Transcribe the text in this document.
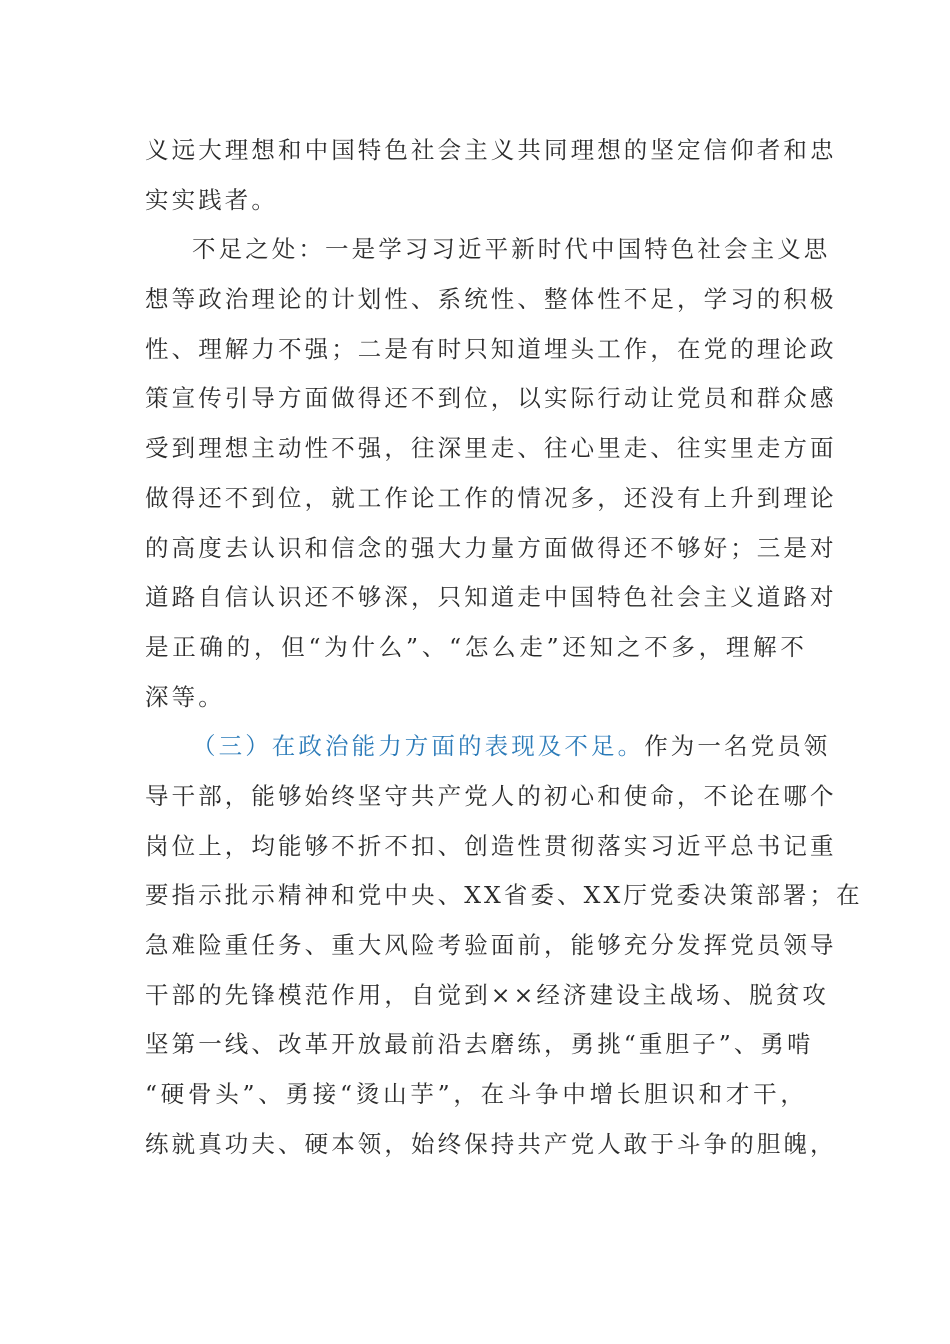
义远大理想和中国特色社会主义共同理想的坚定信仰者和忠
实实践者。

不足之处：一是学习习近平新时代中国特色社会主义思
想等政治理论的计划性、系统性、整体性不足，学习的积极
性、理解力不强；二是有时只知道埋头工作，在党的理论政
策宣传引导方面做得还不到位，以实际行动让党员和群众感
受到理想主动性不强，往深里走、往心里走、往实里走方面
做得还不到位，就工作论工作的情况多，还没有上升到理论
的高度去认识和信念的强大力量方面做得还不够好；三是对
道路自信认识还不够深，只知道走中国特色社会主义道路对
是正确的，但“为什么”、“怎么走”还知之不多，理解不
深等。

（三）在政治能力方面的表现及不足。作为一名党员领
导干部，能够始终坚守共产党人的初心和使命，不论在哪个
岗位上，均能够不折不扣、创造性贯彻落实习近平总书记重
要指示批示精神和党中央、XX省委、XX厅党委决策部署；在
急难险重任务、重大风险考验面前，能够充分发挥党员领导
干部的先锋模范作用，自觉到××经济建设主战场、脱贫攻
坚第一线、改革开放最前沿去磨练，勇挑“重胆子”、勇啃
“硬骨头”、勇接“烫山芋”，在斗争中增长胆识和才干，
练就真功夫、硬本领，始终保持共产党人敢于斗争的胆魄，
